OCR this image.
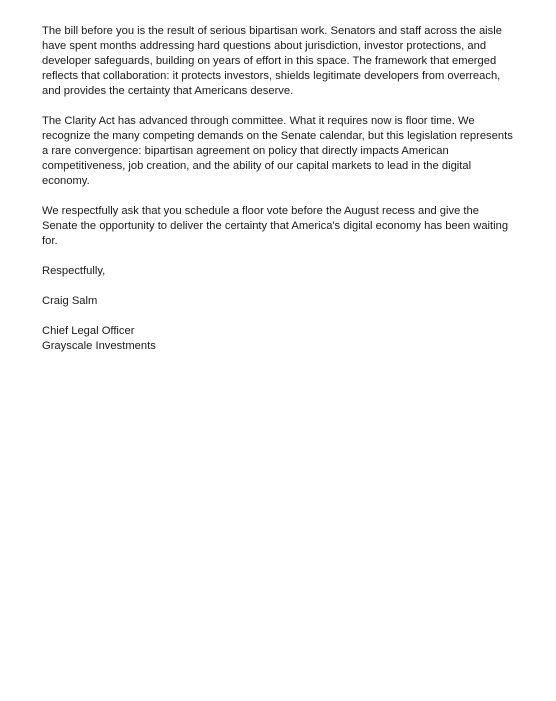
The bill before you is the result of serious bipartisan work. Senators and staff across the aisle have spent months addressing hard questions about jurisdiction, investor protections, and developer safeguards, building on years of effort in this space. The framework that emerged reflects that collaboration: it protects investors, shields legitimate developers from overreach, and provides the certainty that Americans deserve.

The Clarity Act has advanced through committee. What it requires now is floor time. We recognize the many competing demands on the Senate calendar, but this legislation represents a rare convergence: bipartisan agreement on policy that directly impacts American competitiveness, job creation, and the ability of our capital markets to lead in the digital economy.

We respectfully ask that you schedule a floor vote before the August recess and give the Senate the opportunity to deliver the certainty that America's digital economy has been waiting for.

Respectfully,

Craig Salm

Chief Legal Officer
Grayscale Investments
